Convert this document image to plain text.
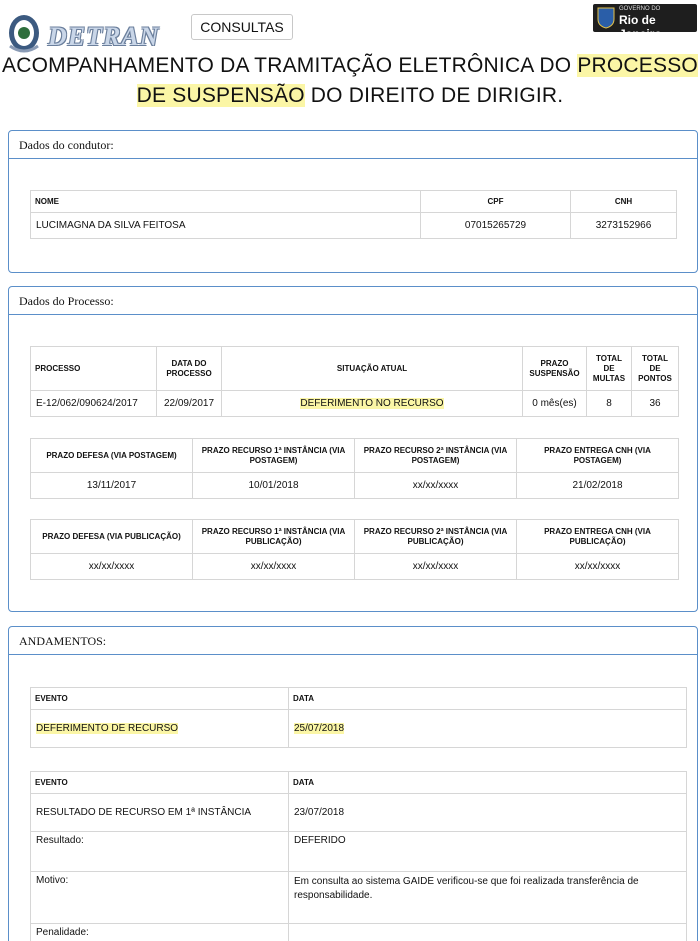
DETRAN	CONSULTAS
GOVERNO DO
Rio de Janeiro
ACOMPANHAMENTO DA TRAMITAÇÃO ELETRÔNICA DO PROCESSO
DE SUSPENSÃO DO DIREITO DE DIRIGIR.
Dados do condutor:
NOME	CPF	CNH
LUCIMAGNA DA SILVA FEITOSA	07015265729	3273152966
Dados do Processo:
PROCESSO	DATA DO PROCESSO	SITUAÇÃO ATUAL	PRAZO SUSPENSÃO	TOTAL DE MULTAS	TOTAL DE PONTOS
E-12/062/090624/2017	22/09/2017	DEFERIMENTO NO RECURSO	0 mês(es)	8	36
PRAZO DEFESA (VIA POSTAGEM)	PRAZO RECURSO 1ª INSTÂNCIA (VIA POSTAGEM)	PRAZO RECURSO 2ª INSTÂNCIA (VIA POSTAGEM)	PRAZO ENTREGA CNH (VIA POSTAGEM)
13/11/2017	10/01/2018	xx/xx/xxxx	21/02/2018
PRAZO DEFESA (VIA PUBLICAÇÃO)	PRAZO RECURSO 1ª INSTÂNCIA (VIA PUBLICAÇÃO)	PRAZO RECURSO 2ª INSTÂNCIA (VIA PUBLICAÇÃO)	PRAZO ENTREGA CNH (VIA PUBLICAÇÃO)
xx/xx/xxxx	xx/xx/xxxx	xx/xx/xxxx	xx/xx/xxxx
ANDAMENTOS:
EVENTO	DATA
DEFERIMENTO DE RECURSO	25/07/2018
EVENTO	DATA
RESULTADO DE RECURSO EM 1ª INSTÂNCIA	23/07/2018
Resultado:	DEFERIDO
Motivo:	Em consulta ao sistema GAIDE verificou-se que foi realizada transferência de responsabilidade.
Penalidade:	
